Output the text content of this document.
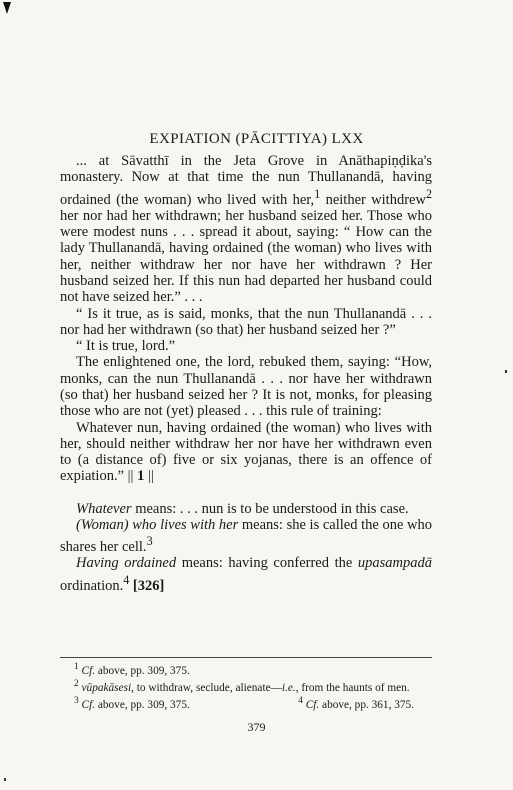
EXPIATION (PĀCITTIYA) LXX

... at Sāvatthī in the Jeta Grove in Anāthapiṇḍika's monastery. Now at that time the nun Thullanandā, having ordained (the woman) who lived with her,$^1$ neither withdrew$^2$ her nor had her withdrawn; her husband seized her. Those who were modest nuns . . . spread it about, saying: “ How can the lady Thullanandā, having ordained (the woman) who lives with her, neither withdraw her nor have her withdrawn ? Her husband seized her. If this nun had departed her husband could not have seized her.” . . .

“ Is it true, as is said, monks, that the nun Thullanandā . . . nor had her withdrawn (so that) her husband seized her ?”

“ It is true, lord.”

The enlightened one, the lord, rebuked them, saying: “How, monks, can the nun Thullanandā . . . nor have her withdrawn (so that) her husband seized her ? It is not, monks, for pleasing those who are not (yet) pleased . . . this rule of training:

Whatever nun, having ordained (the woman) who lives with her, should neither withdraw her nor have her withdrawn even to (a distance of) five or six yojanas, there is an offence of expiation.” || 1 ||

Whatever means: . . . nun is to be understood in this case.

(Woman) who lives with her means: she is called the one who shares her cell.$^3$

Having ordained means: having conferred the upasampadā ordination.$^4$ [326]

$^1$ Cf. above, pp. 309, 375.

$^2$ vūpakāsesi, to withdraw, seclude, alienate—i.e., from the haunts of men.

$^3$ Cf. above, pp. 309, 375.	$^4$ Cf. above, pp. 361, 375.
379
